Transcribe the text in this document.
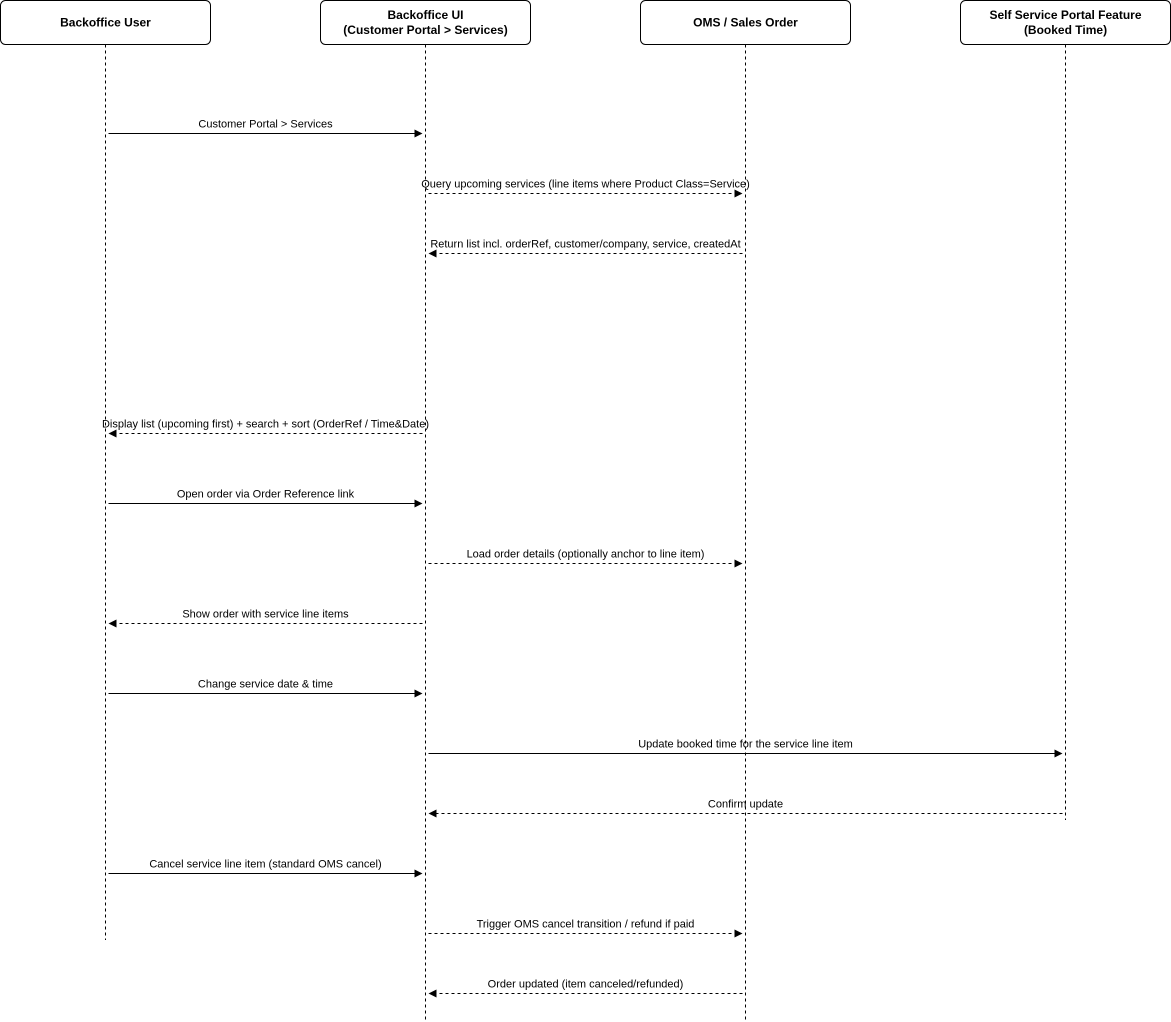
Customer Portal > Services
Query upcoming services (line items where Product Class=Service)
Return list incl. orderRef, customer/company, service, createdAt
Display list (upcoming first) + search + sort (OrderRef / Time&Date)
Open order via Order Reference link
Load order details (optionally anchor to line item)
Show order with service line items
Change service date & time
Update booked time for the service line item
Confirm update
Cancel service line item (standard OMS cancel)
Trigger OMS cancel transition / refund if paid
Order updated (item canceled/refunded)
Backoffice User
Backoffice UI
(Customer Portal > Services)
OMS / Sales Order
Self Service Portal Feature
(Booked Time)
